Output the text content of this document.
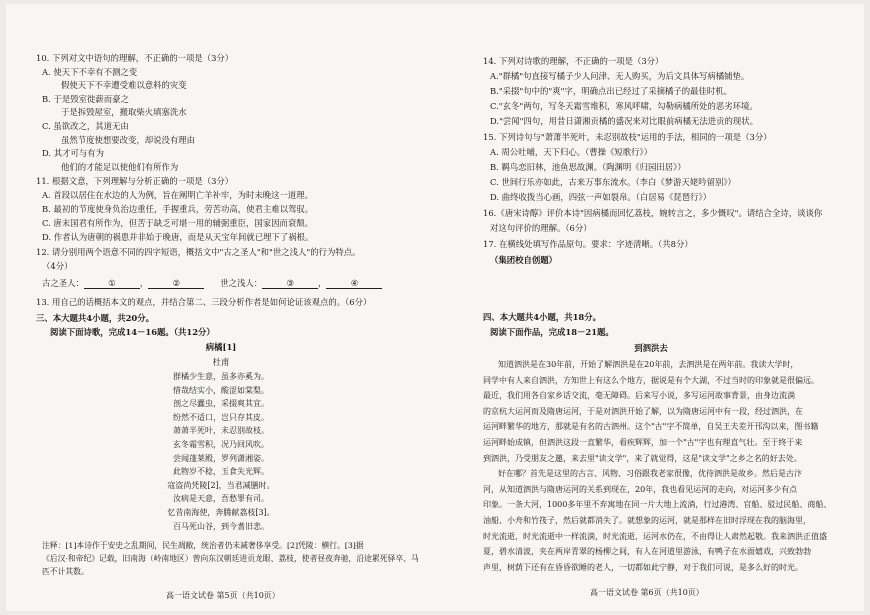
10. 下列对文中语句的理解，不正确的一项是（3分）
A. 使天下不幸有不测之变
假使天下不幸遭受难以意料的灾变
B. 于是毁室徙薪而豪之
于是拆毁屋室，搬取柴火填塞洗水
C. 虽欲改之，其道无由
虽然节度使想要改变，却说没有理由
D. 其才可与有为
他们的才能足以使他们有所作为
11. 根据文意，下列理解与分析正确的一项是（3分）
A. 首段以居住在水边的人为例，旨在阐明亡羊补牢，为时未晚这一道理。
B. 最初的节度使身负治边重任，手握重兵，劳苦功高，使君主难以驾驭。
C. 唐末国君有所作为，但苦于缺乏可堪一用的辅弼重臣，国家因而衰颓。
D. 作者认为唐朝的祸患并非始于晚唐，而是从天宝年间就已埋下了祸根。
12. 请分别用两个语意不同的四字短语，概括文中"古之圣人"和"世之浅人"的行为特点。
（4分）
古之圣人：	①	，	②	世之浅人：	③	，	④
13. 用自己的话概括本文的观点，并结合第二、三段分析作者是如何论证该观点的。（6分）
三、本大题共4小题，共20分。
阅读下面诗歌，完成14－16题。（共12分）
病橘[1]
杜甫
群橘少生意，虽多亦奚为。
惜哉结实小，酸涩如棠梨。
剖之尽蠹虫，采掇爽其宜。
纷然不适口，岂只存其皮。
萧萧半死叶，未忍别故枝。
玄冬霜雪积，况乃回风吹。
尝闻蓬莱殿，罗列潇湘姿。
此物岁不稔，玉食失光辉。
寇盗尚凭陵[2]，当君减膳时。
汝病是天意，吾愁罪有司。
忆昔南海使，奔腾献荔枝[3]。
百马死山谷，到今耆旧悲。
注释：[1]本诗作于安史之乱期间，民生凋敝，统治者仍未减奢侈享受。[2]凭陵：横行。[3]据
《后汉·和帝纪》记载，旧南海（岭南地区）曾向东汉朝廷进贡龙眼、荔枝，使者昼夜奔驰，沿途累死驿卒、马
匹不计其数。
高一语文试卷 第5页（共10页）
14. 下列对诗歌的理解，不正确的一项是（3分）
A."群橘"句直接写橘子少人问津、无人购买，为后文具体写病橘铺垫。
B."采掇"句中的"爽"字，明确点出已经过了采摘橘子的最佳时机。
C."玄冬"两句，写冬天霜雪堆积，寒风呼啸，勾勒病橘所处的恶劣环境。
D."尝闻"四句，用昔日潇湘贡橘的盛况来对比眼前病橘无法进贡的现状。
15. 下列诗句与"萧萧半死叶，未忍别故枝"运用的手法，相同的一项是（3分）
A. 周公吐哺，天下归心。（曹操《短歌行》）
B. 羁鸟恋旧林，池鱼思故渊。（陶渊明《归园田居》）
C. 世间行乐亦如此，古来万事东流水。（李白《梦游天姥吟留别》）
D. 曲终收拨当心画，四弦一声如裂帛。（白居易《琵琶行》）
16.《唐宋诗醇》评价本诗"因病橘而回忆荔枝，婉转言之，多少慨叹"。请结合全诗，谈谈你
对这句评价的理解。（6分）
17. 在横线处填写作品原句。要求：字迹清晰。（共8分）
（集团校自创题）
四、本大题共4小题，共18分。
阅读下面作品，完成18－21题。
到泗洪去
知道泗洪是在30年前，开始了解泗洪是在20年前，去泗洪是在两年前。我读大学时，
同学中有人来自泗洪，方知世上有这么个地方，据说是有个大湖，不过当时的印象就是很偏远。
最近，我们用各自家乡话交流，毫无障碍。后来写小说，多写运河故事背景，由身边流淌
的京杭大运河而及隋唐运河，于是对泗洪开始了解，以为隋唐运河中有一段，经过泗洪，在
运河畔繁华的地方，那就是有名的古泗州。这个"古"字不简单，自吴王夫差开邗沟以来，图书籍
运河畔始成镇，但泗洪这段一直繁华，看疾辉辉，加一个"古"字也有理直气壮。至于终于来
到泗洪，乃受朋友之邀，来去里"读文学"，来了就觉得，这是"读文学"之乡之名的好去处。
好在哪？首先是这里的古言、风物、习俗跟我老家很像，优待泗洪是故乡。然后是古汴
河，从知道泗洪与隋唐运河的关系到现在，20年，我也看见运河的走向，对运河多少有点
印象。一条大河，1000多年里不弃寓地在同一片大地上流淌，行过港湾、官船、驳过民船、商船、
油船、小舟和竹筏子，然后就都消失了。就想象的运河，就是那样在旧时浮现在我的脑海里，
时光流逝，时光流逝中一样流淌，时光流逝，运河水仍在，不由得让人肃然起敬。我来泗洪正值盛
夏，碧水清波，夹在两岸青翠的杨柳之间，有人在河道里游泳，有鸭子在水面嬉戏，兴致勃勃
声里，树荫下还有在昏昏欲睡的老人，一切都如此宁静，对于我们可说，是多么好的时光。
高一语文试卷 第6页（共10页）
